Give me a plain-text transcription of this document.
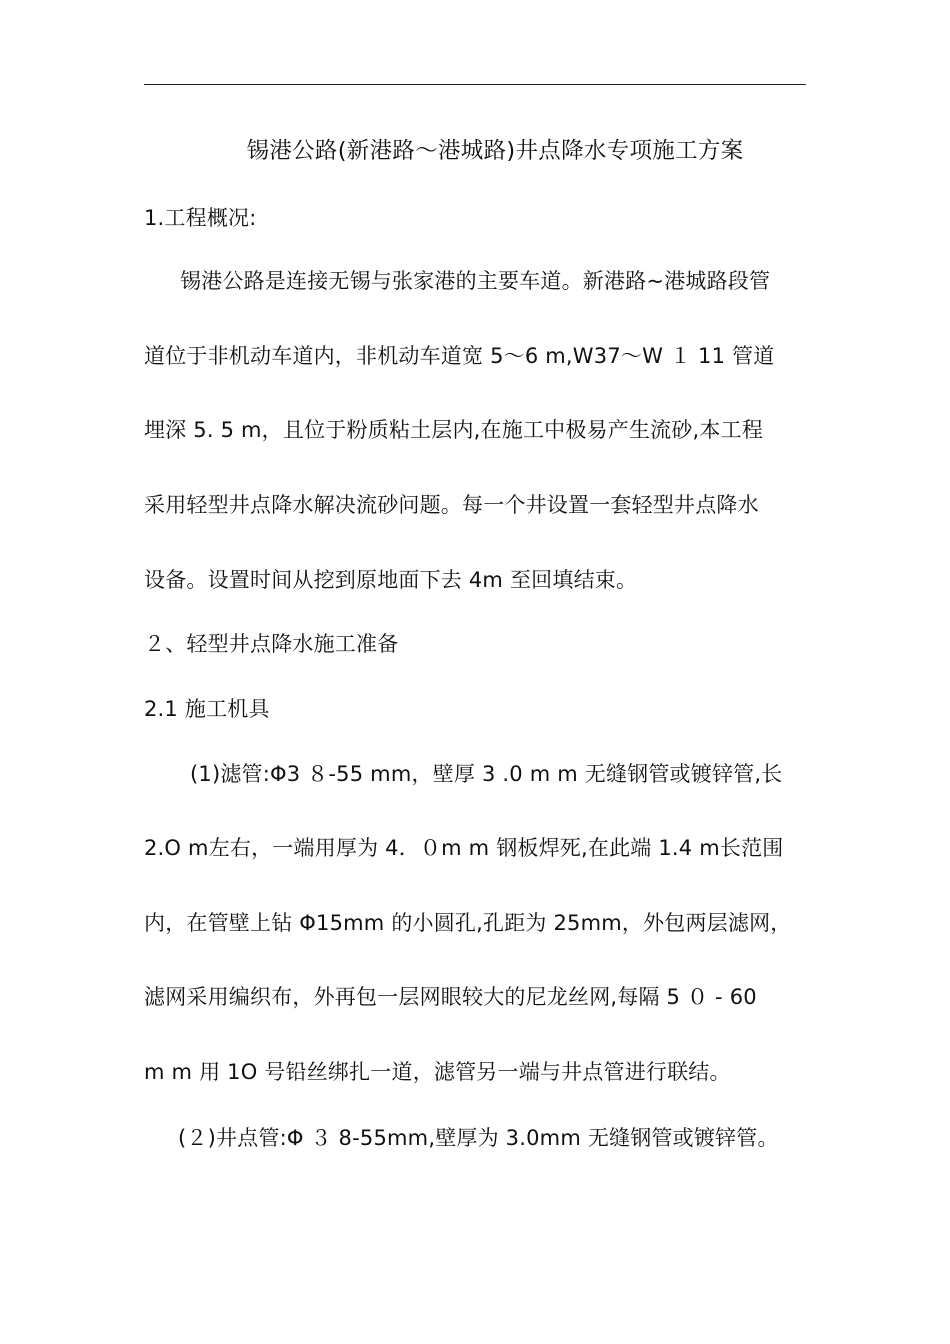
锡港公路(新港路～港城路)井点降水专项施工方案
1.工程概况:
锡港公路是连接无锡与张家港的主要车道。新港路~港城路段管
道位于非机动车道内，非机动车道宽 5～6 m,W37～W １ 11 管道
埋深 5. 5 m，且位于粉质粘土层内,在施工中极易产生流砂,本工程
采用轻型井点降水解决流砂问题。每一个井设置一套轻型井点降水
设备。设置时间从挖到原地面下去 4m 至回填结束。
２、轻型井点降水施工准备
2.1 施工机具
(1)滤管:Φ3 ８-55 mm，壁厚 3 .0 m m 无缝钢管或镀锌管,长
2.O m左右，一端用厚为 4．０m m 钢板焊死,在此端 1.4 m长范围
内，在管壁上钻 Φ15mm 的小圆孔,孔距为 25mm，外包两层滤网，
滤网采用编织布，外再包一层网眼较大的尼龙丝网,每隔 5 ０ - 60
m m 用 1O 号铅丝绑扎一道，滤管另一端与井点管进行联结。
(２)井点管:Φ ３ 8-55mm,壁厚为 3.0mm 无缝钢管或镀锌管。
